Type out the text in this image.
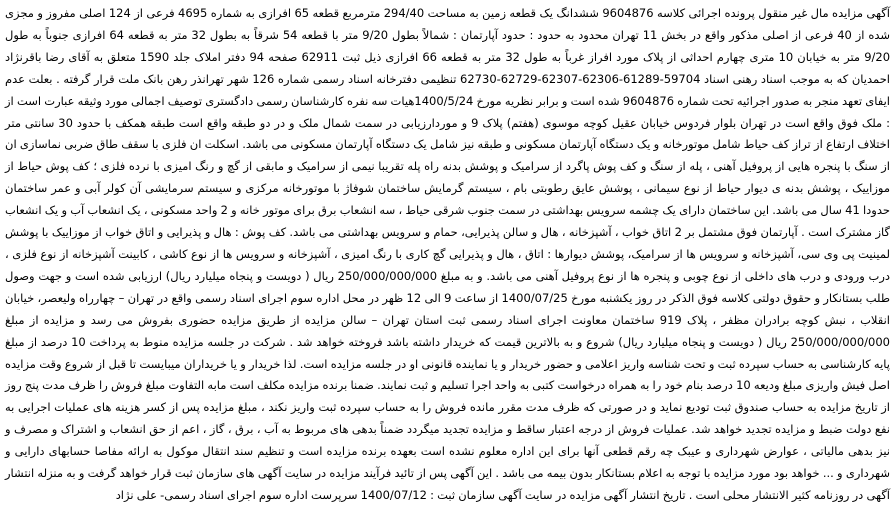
آگهی مزایده مال غیر منقول پرونده اجرائی کلاسه 9604876 ششدانگ یک قطعه زمین به مساحت 294/40 مترمربع قطعه 65 افرازی به شماره 4695 فرعی از 124 اصلی مفروز و مجزی شده از 40 فرعی از اصلی مذکور واقع در بخش 11 تهران محدود به حدود : حدود آپارتمان : شمالاً بطول 9/20 متر با قطعه 54 شرقاً به بطول 32 متر به قطعه 64 افرازی جنوباً به طول 9/20 متر به خیابان 10 متری چهارم احداثی از پلاک مورد افراز غرباً به طول 32 متر به قطعه 66 افرازی ذیل ثبت 62911 صفحه 94 دفتر املاک جلد 1590 متعلق به آقای رضا باقرنژاد احمدیان که به موجب اسناد رهنی اسناد 59704-61289-62306-62307-62729-62730 تنظیمی دفترخانه اسناد رسمی شماره 126 شهر تهرانذر رهن بانک ملت قرار گرفته . بعلت عدم ایفای تعهد منجر به صدور اجرائیه تحت شماره 9604876 شده است و برابر نظریه مورخ 1400/5/24هیات سه نفره کارشناسان رسمی دادگستری توصیف اجمالی مورد وثیقه عبارت است از : ملک فوق واقع است در تهران بلوار فردوس خیابان عقیل کوچه موسوی (هفتم) پلاک 9 و موردارزیابی در سمت شمال ملک و در دو طبقه واقع است طبقه همکف با حدود 30 سانتی متر اختلاف ارتفاع از تراز کف حیاط شامل موتورخانه و یک دستگاه آپارتمان مسکونی و طبقه نیز شامل یک دستگاه آپارتمان مسکونی می باشد. اسکلت ان فلزی با سقف طاق ضربی نماسازی ان از سنگ با پنجره هایی از پروفیل آهنی ، پله از سنگ و کف پوش پاگرد از سرامیک و پوشش بدنه راه پله تقریبا نیمی از سرامیک و مابقی از گچ و رنگ امیزی با نرده فلزی ؛ کف پوش حیاط از موزاییک ، پوشش بدنه ی دیوار حیاط از نوع سیمانی ، پوشش عایق رطوبتی بام ، سیستم گرمایش ساختمان شوفاژ با موتورخانه مرکزی و سیستم سرمایشی آن کولر آبی و عمر ساختمان حدودا 41 سال می باشد. این ساختمان دارای یک چشمه سرویس بهداشتی در سمت جنوب شرقی حیاط ، سه انشعاب برق برای موتور خانه و 2 واحد مسکونی ، یک انشعاب آب و یک انشعاب گاز مشترک است . آپارتمان فوق مشتمل بر 2 اتاق خواب ، آشپزخانه ، هال و سالن پذیرایی، حمام و سرویس بهداشتی می باشد. کف پوش : هال و پذیرایی و اتاق خواب از موزاییک با پوشش لمینیت پی وی سی، آشپزخانه و سرویس ها از سرامیک، پوشش دیوارها : اتاق ، هال و پذیرایی گچ کاری با رنگ امیزی ، آشپزخانه و سرویس ها از نوع کاشی ، کابینت آشپزخانه از نوع فلزی ، درب ورودی و درب های داخلی از نوع چوبی و پنجره ها از نوع پروفیل آهنی می باشد. و به مبلغ 250/000/000/000 ریال ( دویست و پنجاه میلیارد ریال) ارزیابی شده است و جهت وصول طلب بستانکار و حقوق دولتی کلاسه فوق الذکر در روز یکشنبه مورخ 1400/07/25 از ساعت 9 الی 12 ظهر در محل اداره سوم اجرای اسناد رسمی واقع در تهران – چهارراه ولیعصر، خیابان انقلاب ، نبش کوچه برادران مظفر ، پلاک 919 ساختمان معاونت اجرای اسناد رسمی ثبت استان تهران – سالن مزایده از طریق مزایده حضوری بفروش می رسد و مزایده از مبلغ 250/000/000/000 ریال ( دویست و پنجاه میلیارد ریال) شروع و به بالاترین قیمت که خریدار داشته باشد فروخته خواهد شد . شرکت در جلسه مزایده منوط به پرداخت 10 درصد از مبلغ پایه کارشناسی به حساب سپرده ثبت و تحت شناسه واریز اعلامی و حضور خریدار و یا نماینده قانونی او در جلسه مزایده است. لذا خریدار و یا خریداران میبایست تا قبل از شروع وقت مزایده اصل فیش واریزی مبلغ ودیعه 10 درصد بنام خود را به همراه درخواست کتبی به واحد اجرا تسلیم و ثبت نمایند. ضمنا برنده مزایده مکلف است مابه التفاوت مبلغ فروش را ظرف مدت پنج روز از تاریخ مزایده به حساب صندوق ثبت تودیع نماید و در صورتی که ظرف مدت مقرر مانده فروش را به حساب سپرده ثبت واریز نکند ، مبلغ مزایده پس از کسر هزینه های عملیات اجرایی به نفع دولت ضبط و مزایده تجدید خواهد شد. عملیات فروش از درجه اعتبار ساقط و مزایده تجدید میگردد ضمناً بدهی های مربوط به آب ، برق ، گاز ، اعم از حق انشعاب و اشتراک و مصرف و نیز بدهی مالیاتی ، عوارض شهرداری و عیبک چه رقم قطعی آنها برای این اداره معلوم نشده است بعهده برنده مزایده است و تنظیم سند انتقال موکول به ارائه مفاصا حسابهای دارایی و شهرداری و ... خواهد بود مورد مزایده با توجه به اعلام بستانکار بدون بیمه می باشد . این آگهی پس از تائید فرآیند مزایده در سایت آگهی های سازمان ثبت قرار خواهد گرفت و به منزله انتشار آگهی در روزنامه کثیر الانتشار محلی است . تاریخ انتشار آگهی مزایده در سایت آگهی سازمان ثبت : 1400/07/12 سرپرست اداره سوم اجرای اسناد رسمی- علی نژاد
